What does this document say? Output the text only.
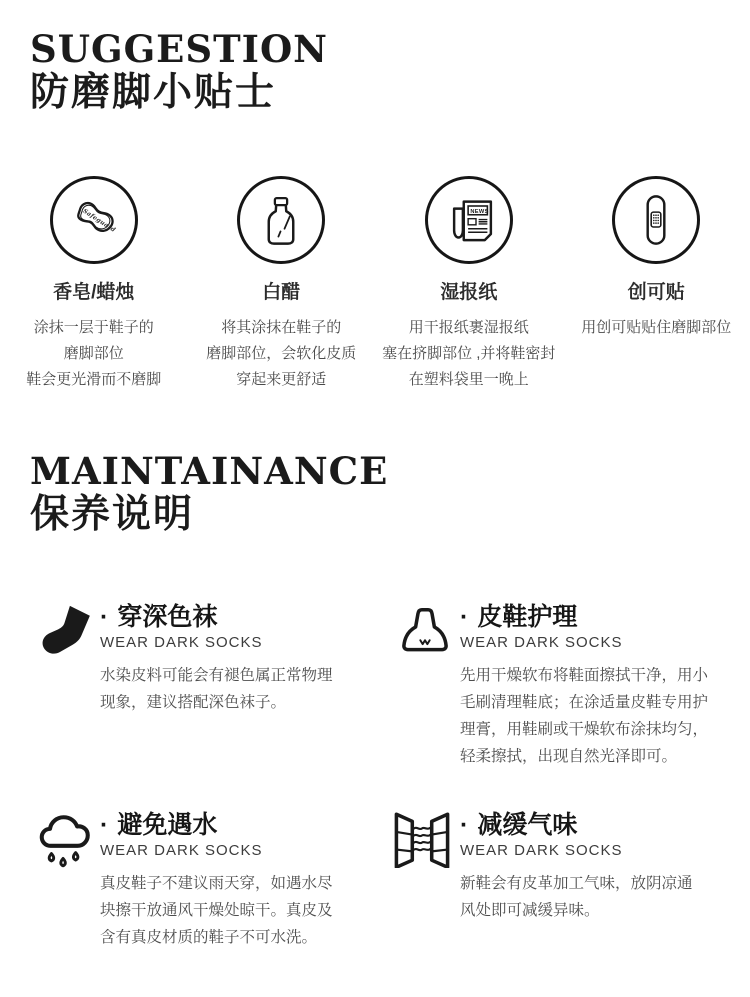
SUGGESTION
防磨脚小贴士
Safeguard
香皂/蜡烛
涂抹一层于鞋子的
磨脚部位
鞋会更光滑而不磨脚
白醋
将其涂抹在鞋子的
磨脚部位，会软化皮质
穿起来更舒适
NEWS
湿报纸
用干报纸裹湿报纸
塞在挤脚部位 ,并将鞋密封
在塑料袋里一晚上
创可贴
用创可贴贴住磨脚部位
MAINTAINANCE
保养说明
· 穿深色袜
WEAR DARK SOCKS
水染皮料可能会有褪色属正常物理现象，建议搭配深色袜子。
· 皮鞋护理
WEAR DARK SOCKS
先用干燥软布将鞋面擦拭干净，用小毛刷清理鞋底；在涂适量皮鞋专用护理膏，用鞋刷或干燥软布涂抹均匀，轻柔擦拭，出现自然光泽即可。
· 避免遇水
WEAR DARK SOCKS
真皮鞋子不建议雨天穿，如遇水尽块擦干放通风干燥处晾干。真皮及含有真皮材质的鞋子不可水洗。
· 减缓气味
WEAR DARK SOCKS
新鞋会有皮革加工气味，放阴凉通风处即可减缓异味。
